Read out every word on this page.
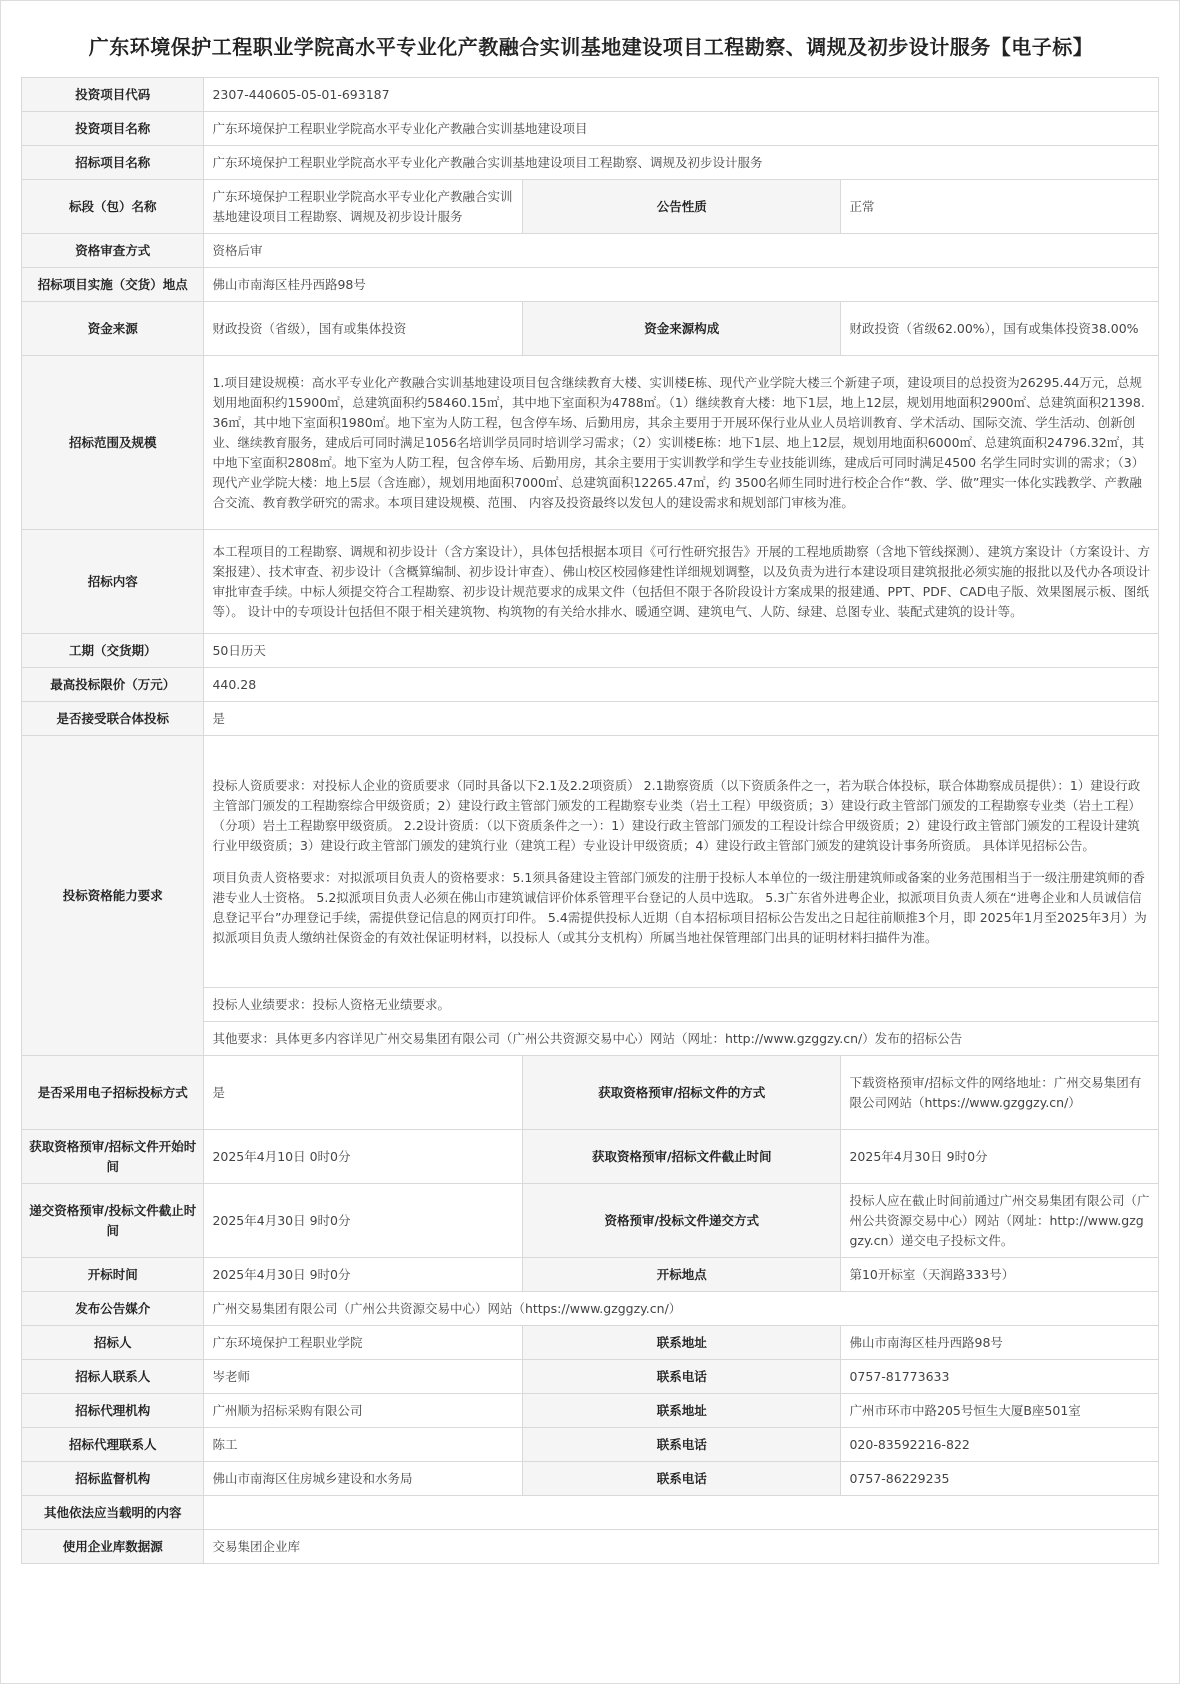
广东环境保护工程职业学院高水平专业化产教融合实训基地建设项目工程勘察、调规及初步设计服务【电子标】
投资项目代码	2307-440605-05-01-693187		
投资项目名称	广东环境保护工程职业学院高水平专业化产教融合实训基地建设项目		
招标项目名称	广东环境保护工程职业学院高水平专业化产教融合实训基地建设项目工程勘察、调规及初步设计服务		
标段（包）名称	广东环境保护工程职业学院高水平专业化产教融合实训基地建设项目工程勘察、调规及初步设计服务	公告性质	正常
资格审查方式	资格后审		
招标项目实施（交货）地点	佛山市南海区桂丹西路98号		
资金来源	财政投资（省级），国有或集体投资	资金来源构成	财政投资（省级62.00%），国有或集体投资38.00%
招标范围及规模	1.项目建设规模：高水平专业化产教融合实训基地建设项目包含继续教育大楼、实训楼E栋、现代产业学院大楼三个新建子项，建设项目的总投资为26295.44万元，总规划用地面积约15900㎡，总建筑面积约58460.15㎡，其中地下室面积为4788㎡。（1）继续教育大楼：地下1层，地上12层，规划用地面积2900㎡、总建筑面积21398.36㎡，其中地下室面积1980㎡。地下室为人防工程，包含停车场、后勤用房，其余主要用于开展环保行业从业人员培训教育、学术活动、国际交流、学生活动、创新创业、继续教育服务，建成后可同时满足1056名培训学员同时培训学习需求；（2）实训楼E栋：地下1层、地上12层，规划用地面积6000㎡、总建筑面积24796.32㎡，其中地下室面积2808㎡。地下室为人防工程，包含停车场、后勤用房，其余主要用于实训教学和学生专业技能训练，建成后可同时满足4500 名学生同时实训的需求；（3）现代产业学院大楼：地上5层（含连廊），规划用地面积7000㎡、总建筑面积12265.47㎡，约 3500名师生同时进行校企合作“教、学、做”理实一体化实践教学、产教融合交流、教育教学研究的需求。本项目建设规模、范围、 内容及投资最终以发包人的建设需求和规划部门审核为准。		
招标内容	本工程项目的工程勘察、调规和初步设计（含方案设计），具体包括根据本项目《可行性研究报告》开展的工程地质勘察（含地下管线探测）、建筑方案设计（方案设计、方案报建）、技术审查、初步设计（含概算编制、初步设计审查）、佛山校区校园修建性详细规划调整，以及负责为进行本建设项目建筑报批必须实施的报批以及代办各项设计审批审查手续。中标人须提交符合工程勘察、初步设计规范要求的成果文件（包括但不限于各阶段设计方案成果的报建通、PPT、PDF、CAD电子版、效果图展示板、图纸等）。 设计中的专项设计包括但不限于相关建筑物、构筑物的有关给水排水、暖通空调、建筑电气、人防、绿建、总图专业、装配式建筑的设计等。		
工期（交货期）	50日历天		
最高投标限价（万元）	440.28		
是否接受联合体投标	是		
投标资格能力要求	投标人资质要求：对投标人企业的资质要求（同时具备以下2.1及2.2项资质） 2.1勘察资质（以下资质条件之一，若为联合体投标，联合体勘察成员提供）：1）建设行政主管部门颁发的工程勘察综合甲级资质；2）建设行政主管部门颁发的工程勘察专业类（岩土工程）甲级资质；3）建设行政主管部门颁发的工程勘察专业类（岩土工程）（分项）岩土工程勘察甲级资质。 2.2设计资质：（以下资质条件之一）：1）建设行政主管部门颁发的工程设计综合甲级资质；2）建设行政主管部门颁发的工程设计建筑行业甲级资质；3）建设行政主管部门颁发的建筑行业（建筑工程）专业设计甲级资质；4）建设行政主管部门颁发的建筑设计事务所资质。 具体详见招标公告。
项目负责人资格要求：对拟派项目负责人的资格要求：5.1须具备建设主管部门颁发的注册于投标人本单位的一级注册建筑师或备案的业务范围相当于一级注册建筑师的香港专业人士资格。 5.2拟派项目负责人必须在佛山市建筑诚信评价体系管理平台登记的人员中选取。 5.3广东省外进粤企业，拟派项目负责人须在“进粤企业和人员诚信信息登记平台”办理登记手续，需提供登记信息的网页打印件。 5.4需提供投标人近期（自本招标项目招标公告发出之日起往前顺推3个月，即 2025年1月至2025年3月）为拟派项目负责人缴纳社保资金的有效社保证明材料，以投标人（或其分支机构）所属当地社保管理部门出具的证明材料扫描件为准。		

	投标人业绩要求：投标人资格无业绩要求。		
	其他要求：具体更多内容详见广州交易集团有限公司（广州公共资源交易中心）网站（网址：http://www.gzggzy.cn/）发布的招标公告		
是否采用电子招标投标方式	是	获取资格预审/招标文件的方式	下载资格预审/招标文件的网络地址：广州交易集团有限公司网站（https://www.gzggzy.cn/）
获取资格预审/招标文件开始时间	2025年4月10日 0时0分	获取资格预审/招标文件截止时间	2025年4月30日 9时0分
递交资格预审/投标文件截止时间	2025年4月30日 9时0分	资格预审/投标文件递交方式	投标人应在截止时间前通过广州交易集团有限公司（广州公共资源交易中心）网站（网址：http://www.gzggzy.cn）递交电子投标文件。
开标时间	2025年4月30日 9时0分	开标地点	第10开标室（天润路333号）
发布公告媒介	广州交易集团有限公司（广州公共资源交易中心）网站（https://www.gzggzy.cn/）		
招标人	广东环境保护工程职业学院	联系地址	佛山市南海区桂丹西路98号
招标人联系人	岑老师	联系电话	0757-81773633
招标代理机构	广州顺为招标采购有限公司	联系地址	广州市环市中路205号恒生大厦B座501室
招标代理联系人	陈工	联系电话	020-83592216-822
招标监督机构	佛山市南海区住房城乡建设和水务局	联系电话	0757-86229235
其他依法应当载明的内容			
使用企业库数据源	交易集团企业库		
